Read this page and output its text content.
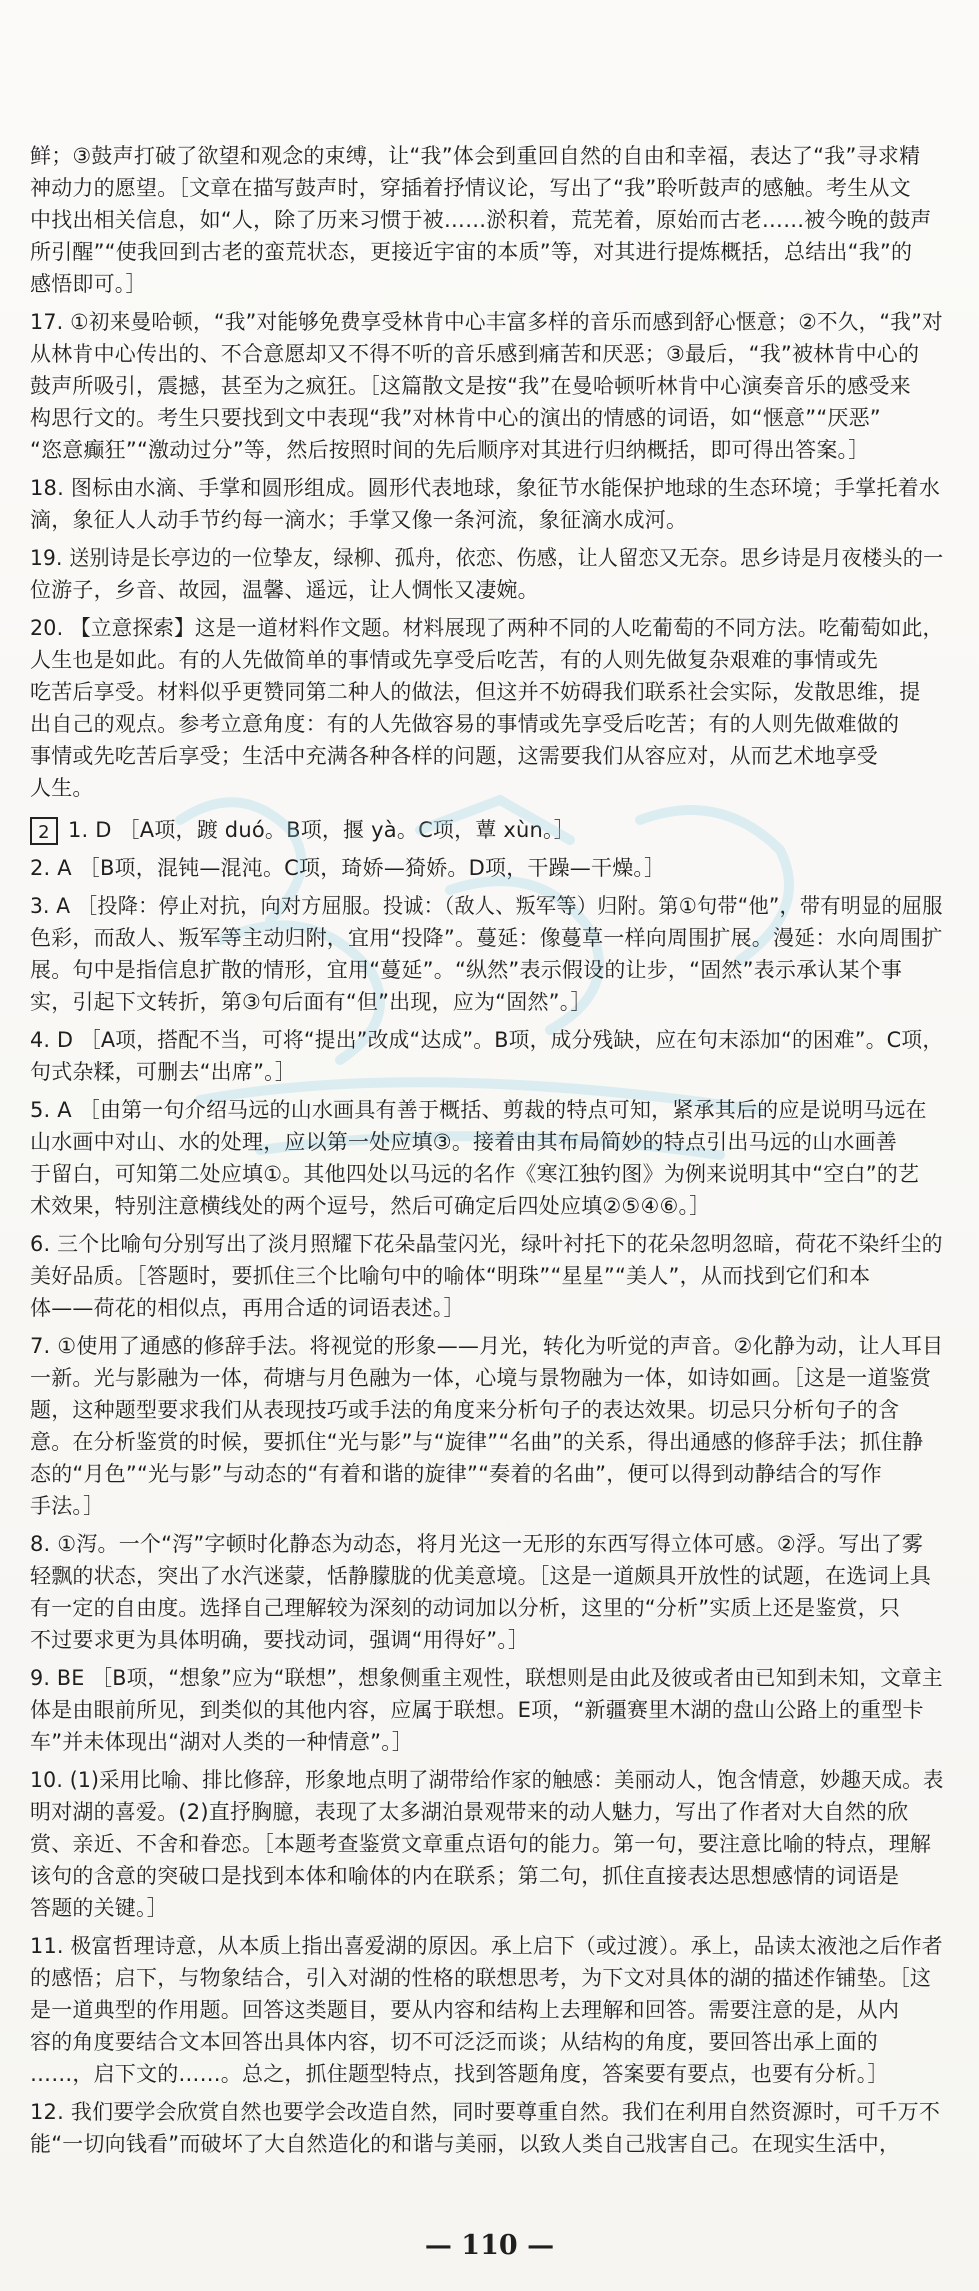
鲜；③鼓声打破了欲望和观念的束缚，让“我”体会到重回自然的自由和幸福，表达了“我”寻求精
神动力的愿望。［文章在描写鼓声时，穿插着抒情议论，写出了“我”聆听鼓声的感触。考生从文
中找出相关信息，如“人，除了历来习惯于被……淤积着，荒芜着，原始而古老……被今晚的鼓声
所引醒”“使我回到古老的蛮荒状态，更接近宇宙的本质”等，对其进行提炼概括，总结出“我”的
感悟即可。］
17. ①初来曼哈顿，“我”对能够免费享受林肯中心丰富多样的音乐而感到舒心惬意；②不久，“我”对
从林肯中心传出的、不合意愿却又不得不听的音乐感到痛苦和厌恶；③最后，“我”被林肯中心的
鼓声所吸引，震撼，甚至为之疯狂。［这篇散文是按“我”在曼哈顿听林肯中心演奏音乐的感受来
构思行文的。考生只要找到文中表现“我”对林肯中心的演出的情感的词语，如“惬意”“厌恶”
“恣意癫狂”“激动过分”等，然后按照时间的先后顺序对其进行归纳概括，即可得出答案。］
18. 图标由水滴、手掌和圆形组成。圆形代表地球，象征节水能保护地球的生态环境；手掌托着水
滴，象征人人动手节约每一滴水；手掌又像一条河流，象征滴水成河。
19. 送别诗是长亭边的一位挚友，绿柳、孤舟，依恋、伤感，让人留恋又无奈。思乡诗是月夜楼头的一
位游子，乡音、故园，温馨、遥远，让人惆怅又凄婉。
20. 【立意探索】这是一道材料作文题。材料展现了两种不同的人吃葡萄的不同方法。吃葡萄如此，
人生也是如此。有的人先做简单的事情或先享受后吃苦，有的人则先做复杂艰难的事情或先
吃苦后享受。材料似乎更赞同第二种人的做法，但这并不妨碍我们联系社会实际，发散思维，提
出自己的观点。参考立意角度：有的人先做容易的事情或先享受后吃苦；有的人则先做难做的
事情或先吃苦后享受；生活中充满各种各样的问题，这需要我们从容应对，从而艺术地享受
人生。
2 1. D ［A项，踱 duó。B项，揠 yà。C项，蕈 xùn。］
2. A ［B项，混钝—混沌。C项，琦娇—猗娇。D项，干躁—干燥。］
3. A ［投降：停止对抗，向对方屈服。投诚：（敌人、叛军等）归附。第①句带“他”，带有明显的屈服
色彩，而敌人、叛军等主动归附，宜用“投降”。蔓延：像蔓草一样向周围扩展。漫延：水向周围扩
展。句中是指信息扩散的情形，宜用“蔓延”。“纵然”表示假设的让步，“固然”表示承认某个事
实，引起下文转折，第③句后面有“但”出现，应为“固然”。］
4. D ［A项，搭配不当，可将“提出”改成“达成”。B项，成分残缺，应在句末添加“的困难”。C项，
句式杂糅，可删去“出席”。］
5. A ［由第一句介绍马远的山水画具有善于概括、剪裁的特点可知，紧承其后的应是说明马远在
山水画中对山、水的处理，应以第一处应填③。接着由其布局简妙的特点引出马远的山水画善
于留白，可知第二处应填①。其他四处以马远的名作《寒江独钓图》为例来说明其中“空白”的艺
术效果，特别注意横线处的两个逗号，然后可确定后四处应填②⑤④⑥。］
6. 三个比喻句分别写出了淡月照耀下花朵晶莹闪光，绿叶衬托下的花朵忽明忽暗，荷花不染纤尘的
美好品质。［答题时，要抓住三个比喻句中的喻体“明珠”“星星”“美人”，从而找到它们和本
体——荷花的相似点，再用合适的词语表述。］
7. ①使用了通感的修辞手法。将视觉的形象——月光，转化为听觉的声音。②化静为动，让人耳目
一新。光与影融为一体，荷塘与月色融为一体，心境与景物融为一体，如诗如画。［这是一道鉴赏
题，这种题型要求我们从表现技巧或手法的角度来分析句子的表达效果。切忌只分析句子的含
意。在分析鉴赏的时候，要抓住“光与影”与“旋律”“名曲”的关系，得出通感的修辞手法；抓住静
态的“月色”“光与影”与动态的“有着和谐的旋律”“奏着的名曲”，便可以得到动静结合的写作
手法。］
8. ①泻。一个“泻”字顿时化静态为动态，将月光这一无形的东西写得立体可感。②浮。写出了雾
轻飘的状态，突出了水汽迷蒙，恬静朦胧的优美意境。［这是一道颇具开放性的试题，在选词上具
有一定的自由度。选择自己理解较为深刻的动词加以分析，这里的“分析”实质上还是鉴赏，只
不过要求更为具体明确，要找动词，强调“用得好”。］
9. BE ［B项，“想象”应为“联想”，想象侧重主观性，联想则是由此及彼或者由已知到未知，文章主
体是由眼前所见，到类似的其他内容，应属于联想。E项，“新疆赛里木湖的盘山公路上的重型卡
车”并未体现出“湖对人类的一种情意”。］
10. (1)采用比喻、排比修辞，形象地点明了湖带给作家的触感：美丽动人，饱含情意，妙趣天成。表
明对湖的喜爱。(2)直抒胸臆，表现了太多湖泊景观带来的动人魅力，写出了作者对大自然的欣
赏、亲近、不舍和眷恋。［本题考查鉴赏文章重点语句的能力。第一句，要注意比喻的特点，理解
该句的含意的突破口是找到本体和喻体的内在联系；第二句，抓住直接表达思想感情的词语是
答题的关键。］
11. 极富哲理诗意，从本质上指出喜爱湖的原因。承上启下（或过渡）。承上，品读太液池之后作者
的感悟；启下，与物象结合，引入对湖的性格的联想思考，为下文对具体的湖的描述作铺垫。［这
是一道典型的作用题。回答这类题目，要从内容和结构上去理解和回答。需要注意的是，从内
容的角度要结合文本回答出具体内容，切不可泛泛而谈；从结构的角度，要回答出承上面的
……，启下文的……。总之，抓住题型特点，找到答题角度，答案要有要点，也要有分析。］
12. 我们要学会欣赏自然也要学会改造自然，同时要尊重自然。我们在利用自然资源时，可千万不
能“一切向钱看”而破坏了大自然造化的和谐与美丽，以致人类自己戕害自己。在现实生活中，
— 110 —
